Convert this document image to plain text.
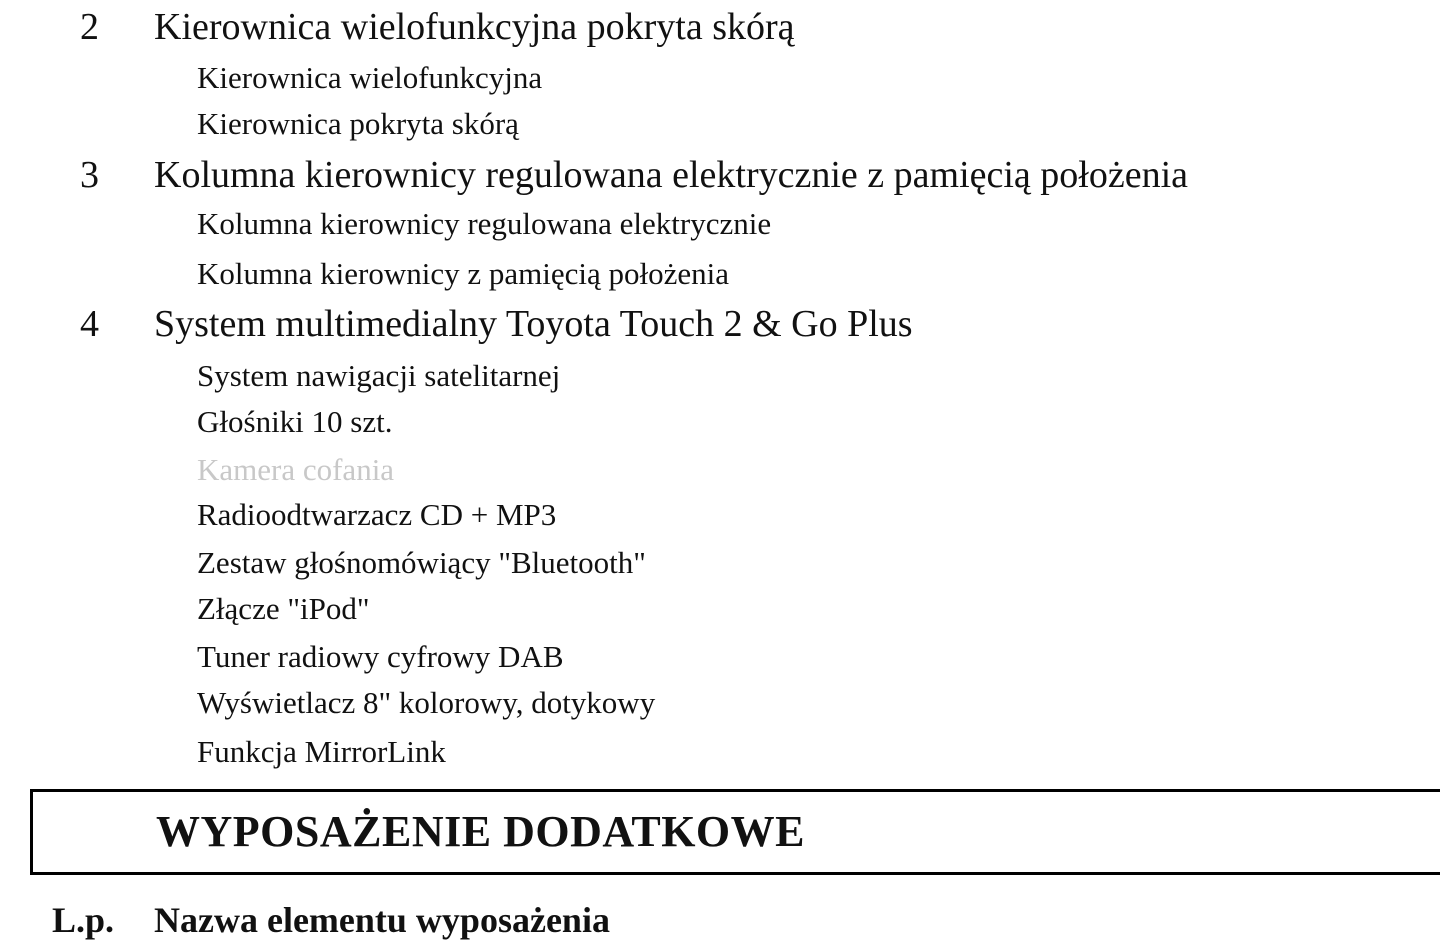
2 Kierownica wielofunkcyjna pokryta skórą
Kierownica wielofunkcyjna
Kierownica pokryta skórą
3 Kolumna kierownicy regulowana elektrycznie z pamięcią położenia
Kolumna kierownicy regulowana elektrycznie
Kolumna kierownicy z pamięcią położenia
4 System multimedialny Toyota Touch 2 & Go Plus
System nawigacji satelitarnej
Głośniki 10 szt.
Kamera cofania
Radioodtwarzacz CD + MP3
Zestaw głośnomówiący "Bluetooth"
Złącze "iPod"
Tuner radiowy cyfrowy DAB
Wyświetlacz 8" kolorowy, dotykowy
Funkcja MirrorLink
WYPOSAŻENIE DODATKOWE
L.p. Nazwa elementu wyposażenia
